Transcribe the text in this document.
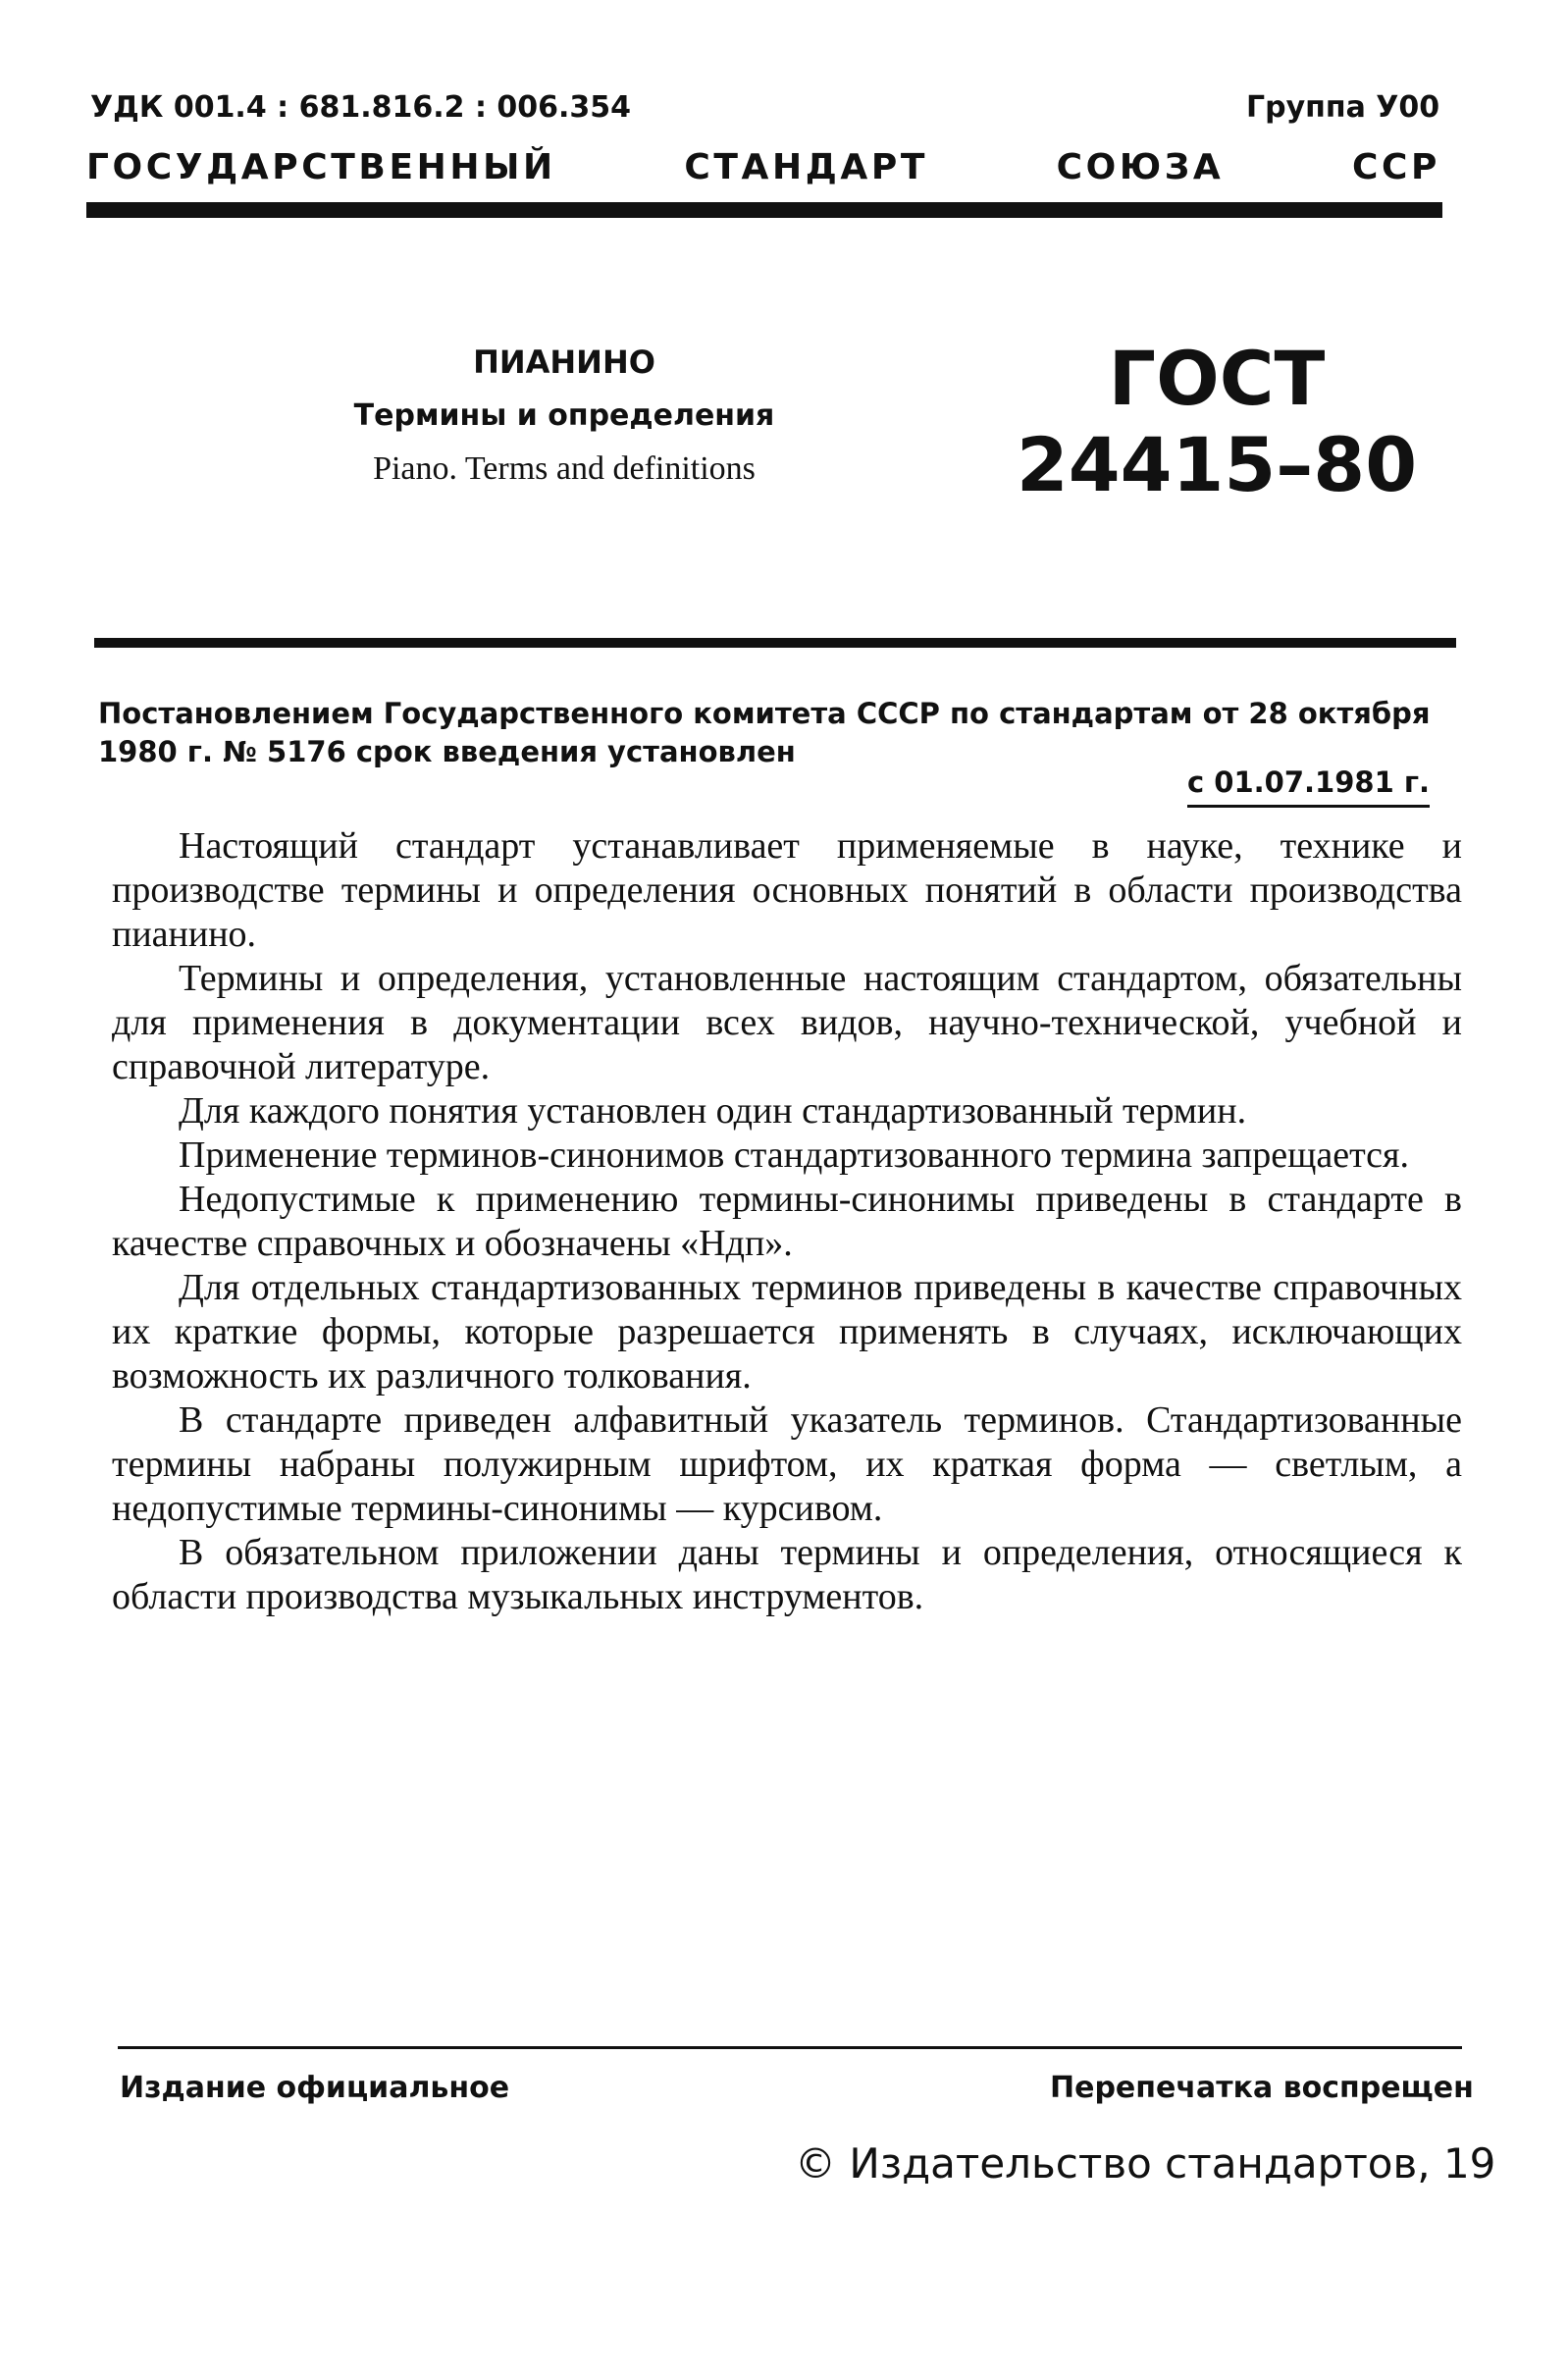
УДК 001.4 : 681.816.2 : 006.354	Группа У00
ГОСУДАРСТВЕННЫЙ	СТАНДАРТ	СОЮЗА	ССР
ПИАНИНО
Термины и определения
Piano. Terms and definitions
ГОСТ
24415–80
Постановлением Государственного комитета СССР по стандартам от 28 октября 1980 г. № 5176 срок введения установлен
с 01.07.1981 г.

Настоящий стандарт устанавливает применяемые в науке, технике и производстве термины и определения основных понятий в области производства пианино.

Термины и определения, установленные настоящим стандартом, обязательны для применения в документации всех видов, научно-технической, учебной и справочной литературе.

Для каждого понятия установлен один стандартизованный термин.

Применение терминов-синонимов стандартизованного термина запрещается.

Недопустимые к применению термины-синонимы приведены в стандарте в качестве справочных и обозначены «Ндп».

Для отдельных стандартизованных терминов приведены в качестве справочных их краткие формы, которые разрешается применять в случаях, исключающих возможность их различного толкования.

В стандарте приведен алфавитный указатель терминов. Стандартизованные термины набраны полужирным шрифтом, их краткая форма — светлым, а недопустимые термины-синонимы — курсивом.

В обязательном приложении даны термины и определения, относящиеся к области производства музыкальных инструментов.

Издание официальное	Перепечатка воспрещен
© Издательство стандартов, 19
